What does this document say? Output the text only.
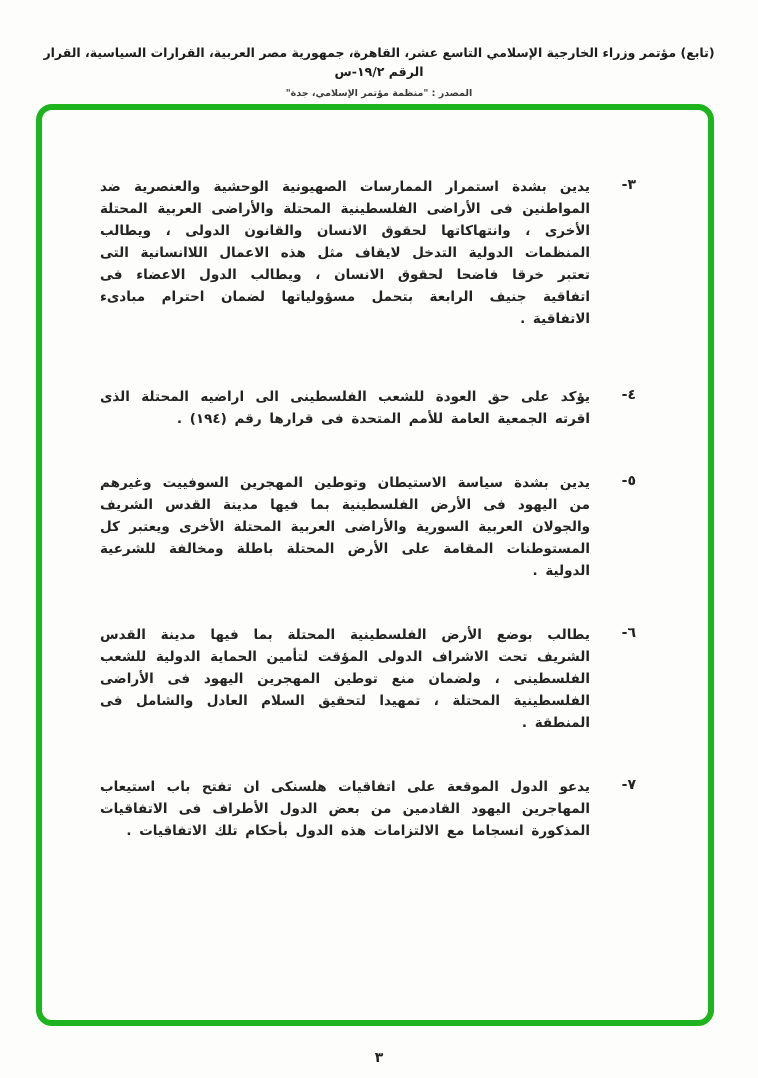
(تابع) مؤتمر وزراء الخارجية الإسلامي التاسع عشر، القاهرة، جمهورية مصر العربية، القرارات السياسية، القرار الرقم ١٩/٢-س
المصدر : "منظمة مؤتمر الإسلامي، جدة"
٣-

يدين بشدة استمرار الممارسات الصهيونية الوحشية والعنصرية ضد المواطنين فى الأراضى الفلسطينية المحتلة والأراضى العربية المحتلة الأخرى ، وانتهاكاتها لحقوق الانسان والقانون الدولى ، ويطالب المنظمات الدولية التدخل لايقاف مثل هذه الاعمال اللاانسانية التى تعتبر خرقا فاضحا لحقوق الانسان ، ويطالب الدول الاعضاء فى اتفاقية جنيف الرابعة بتحمل مسؤولياتها لضمان احترام مبادىء الاتفاقية .

٤-

يؤكد على حق العودة للشعب الفلسطينى الى اراضيه المحتلة الذى اقرته الجمعية العامة للأمم المتحدة فى قرارها رقم (١٩٤) .

٥-

يدين بشدة سياسة الاستيطان وتوطين المهجرين السوفييت وغيرهم من اليهود فى الأرض الفلسطينية بما فيها مدينة القدس الشريف والجولان العربية السورية والأراضى العربية المحتلة الأخرى ويعتبر كل المستوطنات المقامة على الأرض المحتلة باطلة ومخالفة للشرعية الدولية .

٦-

يطالب بوضع الأرض الفلسطينية المحتلة بما فيها مدينة القدس الشريف تحت الاشراف الدولى المؤقت لتأمين الحماية الدولية للشعب الفلسطينى ، ولضمان منع توطين المهجرين اليهود فى الأراضى الفلسطينية المحتلة ، تمهيدا لتحقيق السلام العادل والشامل فى المنطقة .

٧-

يدعو الدول الموقعة على اتفاقيات هلسنكى ان تفتح باب استيعاب المهاجرين اليهود القادمين من بعض الدول الأطراف فى الاتفاقيات المذكورة انسجاما مع الالتزامات هذه الدول بأحكام تلك الاتفاقيات .

٣
